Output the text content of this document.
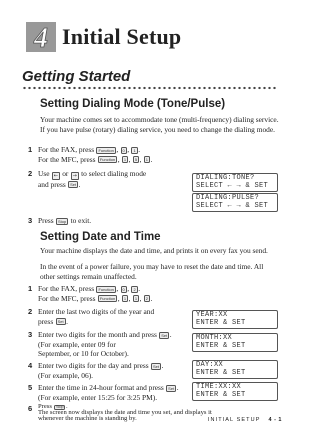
4 Initial Setup
Getting Started
Setting Dialing Mode (Tone/Pulse)
Your machine comes set to accommodate tone (multi-frequency) dialing service. If you have pulse (rotary) dialing service, you need to change the dialing mode.
1 For the FAX, press Function , 0 , 1 .
For the MFC, press Function , 1 , 5 , 1 .
2 Use ← or → to select dialing mode
and press Set .
DIALING:TONE?
SELECT ← → & SET
DIALING:PULSE?
SELECT ← → & SET
3 Press Stop to exit.
Setting Date and Time
Your machine displays the date and time, and prints it on every fax you send.
In the event of a power failure, you may have to reset the date and time. All other settings remain unaffected.
1 For the FAX, press Function , 0 , 2 .
For the MFC, press Function , 1 , 1 , 2 .
2 Enter the last two digits of the year and
press Set .
YEAR:XX
ENTER & SET
3 Enter two digits for the month and press Set .
(For example, enter 09 for
September, or 10 for October).
MONTH:XX
ENTER & SET
4 Enter two digits for the day and press Set .
(For example, 06).
DAY:XX
ENTER & SET
5 Enter the time in 24-hour format and press Set .
(For example, enter 15:25 for 3:25 PM).
TIME:XX:XX
ENTER & SET
6 Press Stop .
The screen now displays the date and time you set, and displays it
whenever the machine is standing by.	INITIAL SETUP 4 - 1
